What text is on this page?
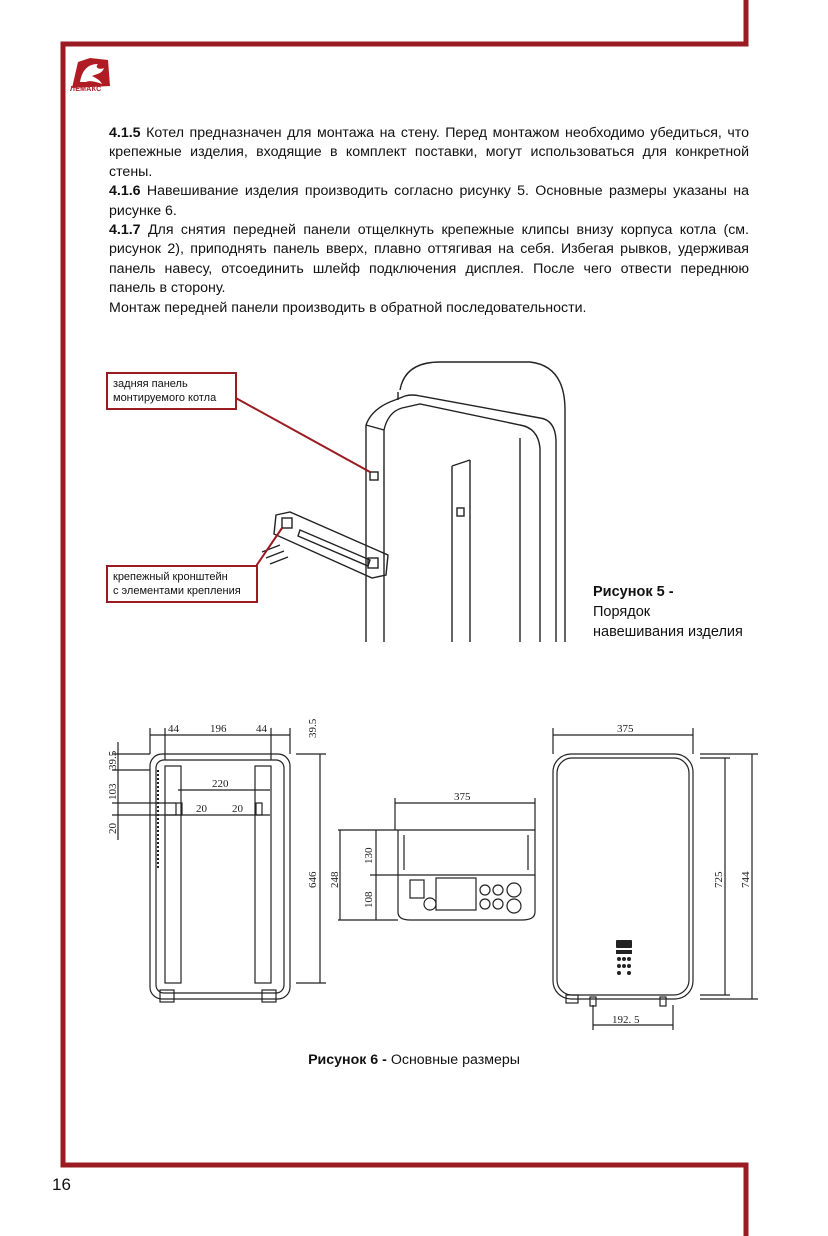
ЛЕМАКС

4.1.5 Котел предназначен для монтажа на стену. Перед монтажом необходимо убедиться, что крепежные изделия, входящие в комплект поставки, могут использоваться для конкретной стены.

4.1.6 Навешивание изделия производить согласно рисунку 5. Основные размеры указаны на рисунке 6.

4.1.7 Для снятия передней панели отщелкнуть крепежные клипсы внизу корпуса котла (см. рисунок 2), приподнять панель вверх, плавно оттягивая на себя. Избегая рывков, удерживая панель навесу, отсоединить шлейф подключения дисплея. После чего отвести переднюю панель в сторону.

Монтаж передней панели производить в обратной последовательности.

задняя панель
монтируемого котла
крепежный кронштейн
с элементами крепления	Рисунок 5 -
Порядок
навешивания изделия
44	196	44
220
20 20
375
375
192. 5
39.5
39.5
103
20
646
130
248
108
725 744
Рисунок 6 - Основные размеры
16
